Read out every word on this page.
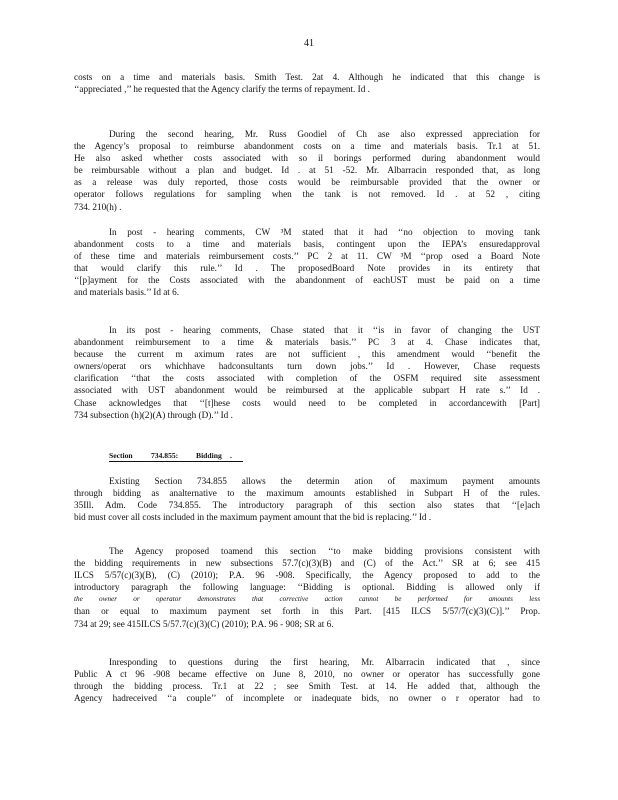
41
costs on a time and materials basis. Smith Test. 2at 4. Although he indicated that this change is
‘‘appreciated ,’’ he requested that the Agency clarify the terms of repayment. Id .
During the second hearing, Mr. Russ Goodiel of Ch ase also expressed appreciation for
the Agency’s proposal to reimburse abandonment costs on a time and materials basis. Tr.1 at 51.
He also asked whether costs associated with so il borings performed during abandonment would
be reimbursable without a plan and budget. Id . at 51 -52. Mr. Albarracin responded that, as long
as a release was duly reported, those costs would be reimbursable provided that the owner or
operator follows regulations for sampling when the tank is not removed. Id . at 52 , citing
734. 210(h) .
In post - hearing comments, CW ³M stated that it had ‘‘no objection to moving tank
abandonment costs to a time and materials basis, contingent upon the IEPA’s ensuredapproval
of these time and materials reimbursement costs.’’ PC 2 at 11. CW ³M ‘‘prop osed a Board Note
that would clarify this rule.’’ Id . The proposedBoard Note provides in its entirety that
‘‘[p]ayment for the Costs associated with the abandonment of eachUST must be paid on a time
and materials basis.’’ Id at 6.
In its post - hearing comments, Chase stated that it ‘‘is in favor of changing the UST
abandonment reimbursement to a time & materials basis.’’ PC 3 at 4. Chase indicates that,
because the current m aximum rates are not sufficient , this amendment would ‘‘benefit the
owners/operat ors whichhave hadconsultants turn down jobs.’’ Id . However, Chase requests
clarification ‘‘that the costs associated with completion of the OSFM required site assessment
associated with UST abandonment would be reimbursed at the applicable subpart H rate s.’’ Id .
Chase acknowledges that ‘‘[t]hese costs would need to be completed in accordancewith [Part]
734 subsection (h)(2)(A) through (D).’’ Id .
Section 734.855: Bidding .
Existing Section 734.855 allows the determin ation of maximum payment amounts
through bidding as analternative to the maximum amounts established in Subpart H of the rules.
35Ill. Adm. Code 734.855. The introductory paragraph of this section also states that ‘‘[e]ach
bid must cover all costs included in the maximum payment amount that the bid is replacing.’’ Id .
The Agency proposed toamend this section ‘‘to make bidding provisions consistent with
the bidding requirements in new subsections 57.7(c)(3)(B) and (C) of the Act.’’ SR at 6; see 415
ILCS 5/57(c)(3)(B), (C) (2010); P.A. 96 -908. Specifically, the Agency proposed to add to the
introductory paragraph the following language: ‘‘Bidding is optional. Bidding is allowed only if
the owner or operator demonstrates that corrective action cannot be performed for amounts less
than or equal to maximum payment set forth in this Part. [415 ILCS 5/57/7(c)(3)(C)].’’ Prop.
734 at 29; see 415ILCS 5/57.7(c)(3)(C) (2010); P.A. 96 - 908; SR at 6.
Inresponding to questions during the first hearing, Mr. Albarracin indicated that , since
Public A ct 96 -908 became effective on June 8, 2010, no owner or operator has successfully gone
through the bidding process. Tr.1 at 22 ; see Smith Test. at 14. He added that, although the
Agency hadreceived ‘‘a couple’’ of incomplete or inadequate bids, no owner o r operator had to
